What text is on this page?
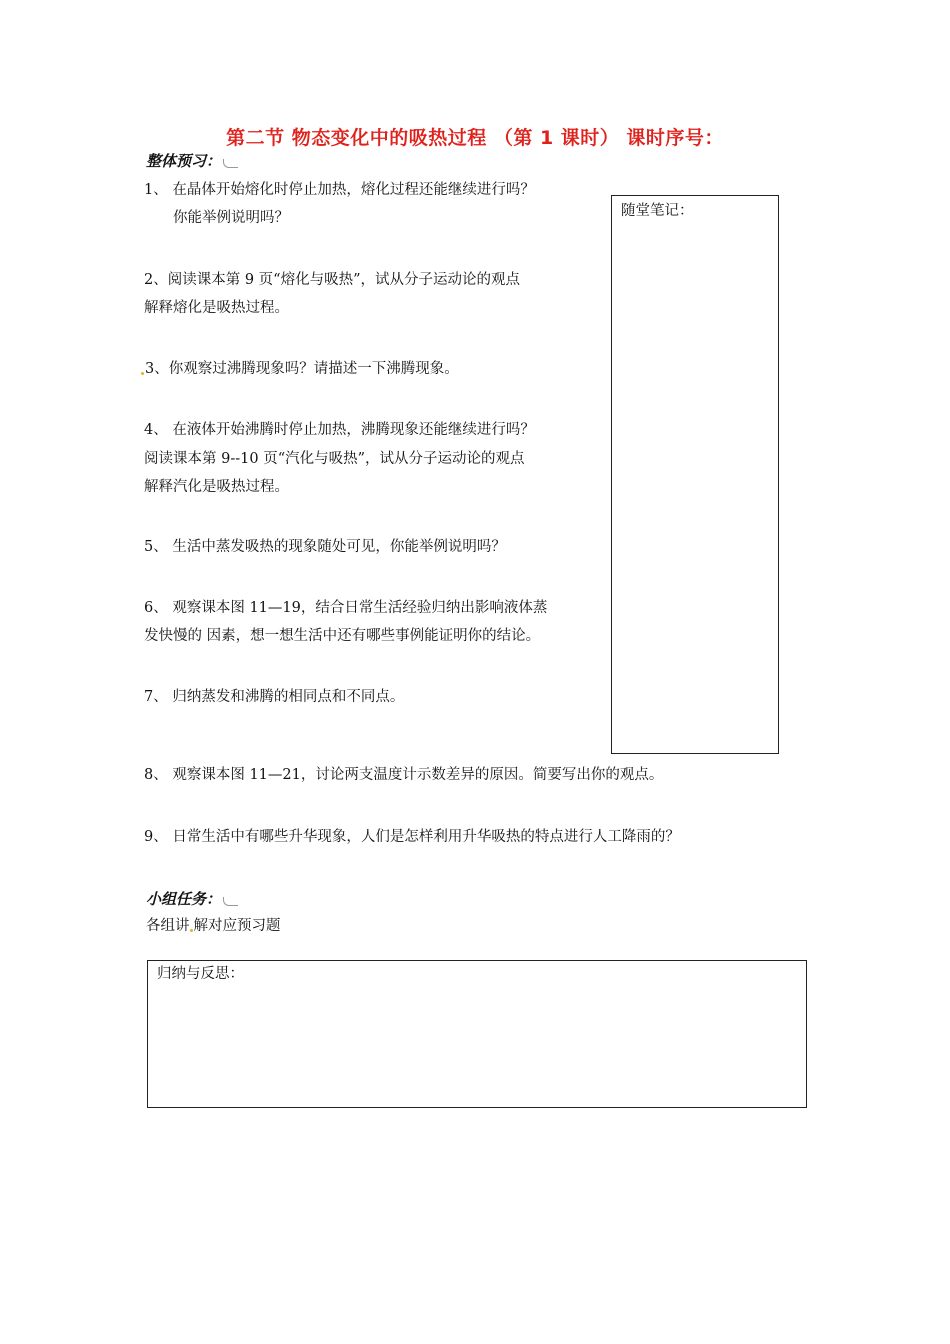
第二节 物态变化中的吸热过程 （第 1 课时） 课时序号：
整体预习：
1、 在晶体开始熔化时停止加热，熔化过程还能继续进行吗？
你能举例说明吗？
2、阅读课本第 9 页“熔化与吸热”，试从分子运动论的观点
解释熔化是吸热过程。
3、你观察过沸腾现象吗？请描述一下沸腾现象。
4、 在液体开始沸腾时停止加热，沸腾现象还能继续进行吗？
阅读课本第 9--10 页“汽化与吸热”，试从分子运动论的观点
解释汽化是吸热过程。
5、 生活中蒸发吸热的现象随处可见，你能举例说明吗？
6、 观察课本图 11—19，结合日常生活经验归纳出影响液体蒸
发快慢的 因素，想一想生活中还有哪些事例能证明你的结论。
7、 归纳蒸发和沸腾的相同点和不同点。
随堂笔记：
8、 观察课本图 11—21，讨论两支温度计示数差异的原因。简要写出你的观点。
9、 日常生活中有哪些升华现象，人们是怎样利用升华吸热的特点进行人工降雨的？
小组任务：
各组讲 解对应预习题
归纳与反思：
